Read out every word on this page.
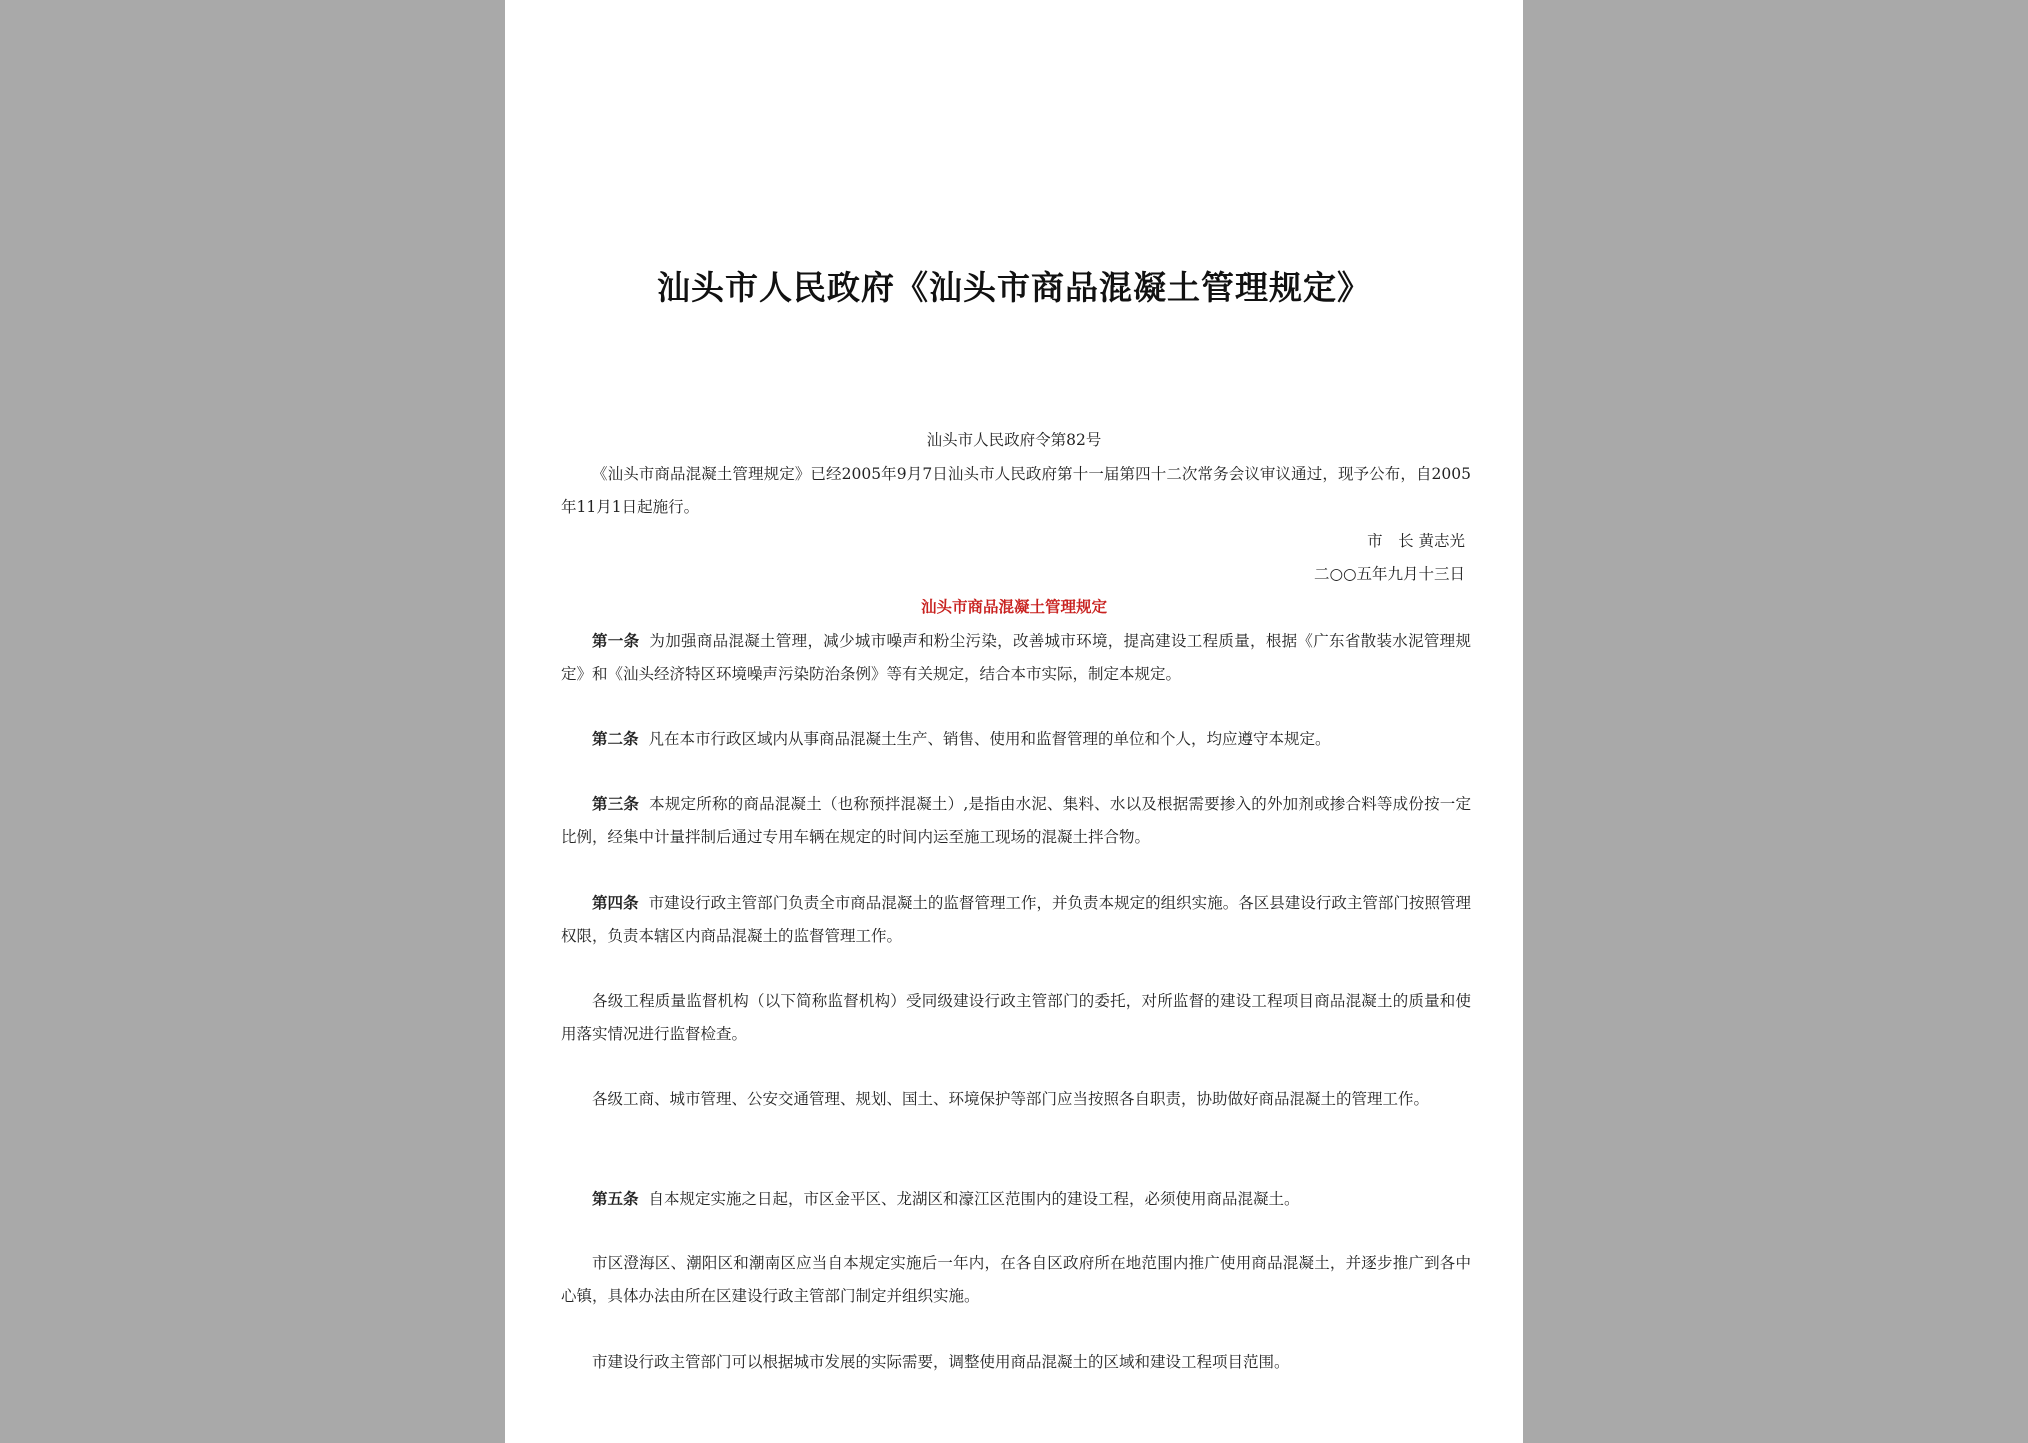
汕头市人民政府《汕头市商品混凝土管理规定》
汕头市人民政府令第82号
《汕头市商品混凝土管理规定》已经2005年9月7日汕头市人民政府第十一届第四十二次常务会议审议通过，现予公布，自2005年11月1日起施行。
市　长 黄志光
二○○五年九月十三日
汕头市商品混凝土管理规定
第一条 为加强商品混凝土管理，减少城市噪声和粉尘污染，改善城市环境，提高建设工程质量，根据《广东省散装水泥管理规定》和《汕头经济特区环境噪声污染防治条例》等有关规定，结合本市实际，制定本规定。
第二条 凡在本市行政区域内从事商品混凝土生产、销售、使用和监督管理的单位和个人，均应遵守本规定。
第三条 本规定所称的商品混凝土（也称预拌混凝土）,是指由水泥、集料、水以及根据需要掺入的外加剂或掺合料等成份按一定比例，经集中计量拌制后通过专用车辆在规定的时间内运至施工现场的混凝土拌合物。
第四条 市建设行政主管部门负责全市商品混凝土的监督管理工作，并负责本规定的组织实施。各区县建设行政主管部门按照管理权限，负责本辖区内商品混凝土的监督管理工作。
各级工程质量监督机构（以下简称监督机构）受同级建设行政主管部门的委托，对所监督的建设工程项目商品混凝土的质量和使用落实情况进行监督检查。
各级工商、城市管理、公安交通管理、规划、国土、环境保护等部门应当按照各自职责，协助做好商品混凝土的管理工作。
第五条 自本规定实施之日起，市区金平区、龙湖区和濠江区范围内的建设工程，必须使用商品混凝土。
市区澄海区、潮阳区和潮南区应当自本规定实施后一年内，在各自区政府所在地范围内推广使用商品混凝土，并逐步推广到各中心镇，具体办法由所在区建设行政主管部门制定并组织实施。
市建设行政主管部门可以根据城市发展的实际需要，调整使用商品混凝土的区域和建设工程项目范围。
